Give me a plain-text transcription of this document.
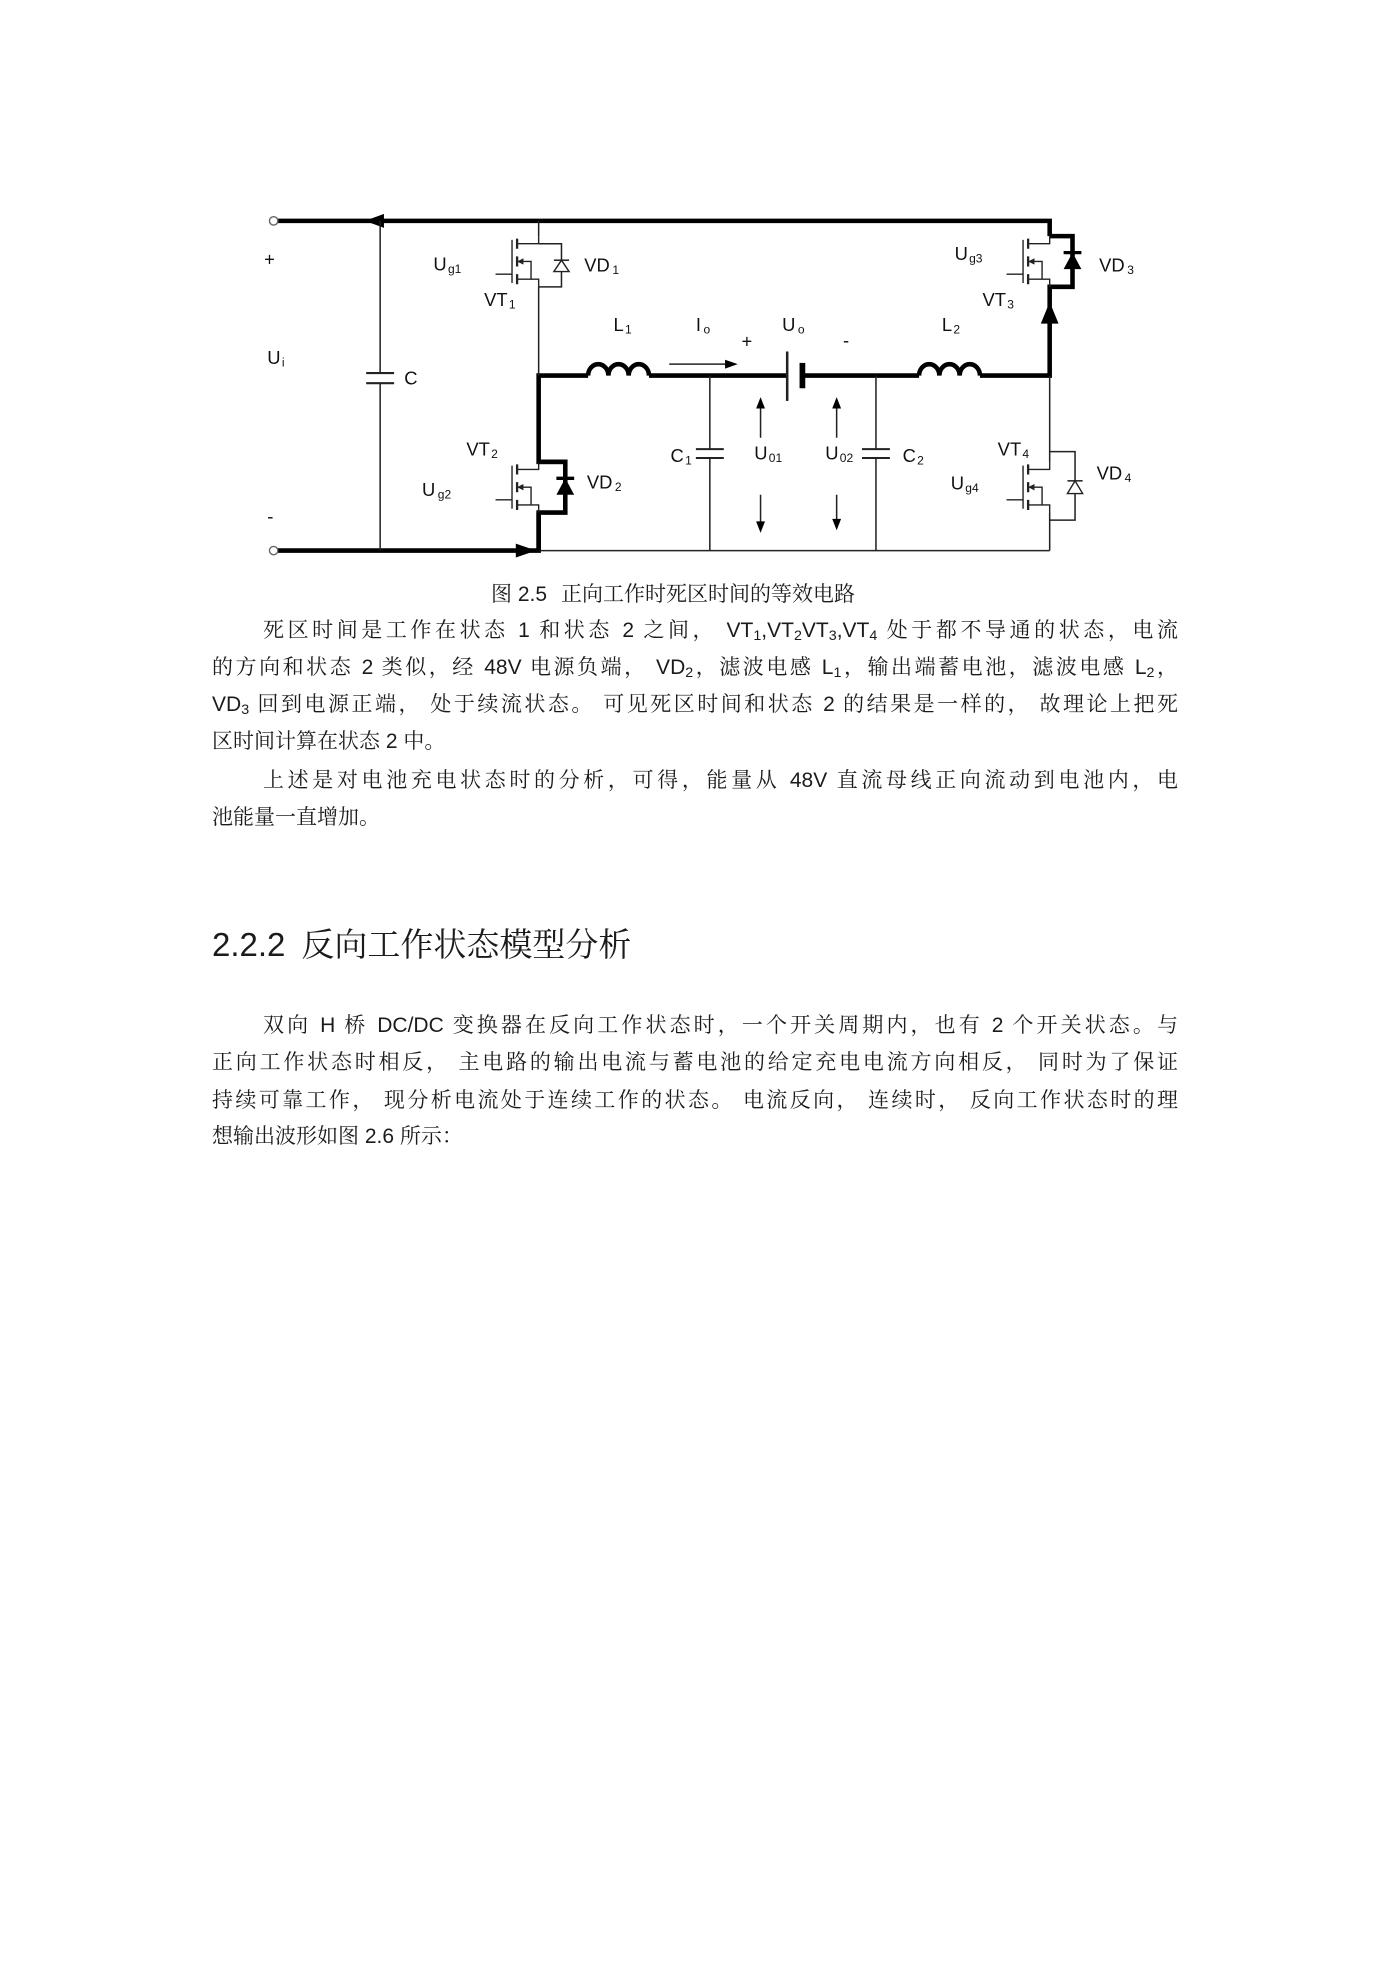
+
Ui
-
C
Ug1
VT1
VD 1
VT2
Ug2
VD 2
L1	Io
+
Uo	-
L2
C1	U01	U02	C2
Ug3
VT3
VD 3
VT4
Ug4
VD 4
图 2.5 正向工作时死区时间的等效电路
死区时间是工作在状态 1 和状态 2 之间， $VT_1,VT_2VT_3,VT_4$ 处于都不导通的状态，电流
的方向和状态 2 类似，经 48V 电源负端， $VD_2$，滤波电感 $L_1$，输出端蓄电池，滤波电感 $L_2$，
$VD_3$ 回到电源正端， 处于续流状态。 可见死区时间和状态 2 的结果是一样的， 故理论上把死
区时间计算在状态 2 中。
上述是对电池充电状态时的分析，可得，能量从 48V 直流母线正向流动到电池内，电
池能量一直增加。
2.2.2 反向工作状态模型分析
双向 H 桥 DC/DC 变换器在反向工作状态时，一个开关周期内，也有 2 个开关状态。与
正向工作状态时相反， 主电路的输出电流与蓄电池的给定充电电流方向相反， 同时为了保证
持续可靠工作， 现分析电流处于连续工作的状态。 电流反向， 连续时， 反向工作状态时的理
想输出波形如图 2.6 所示：
